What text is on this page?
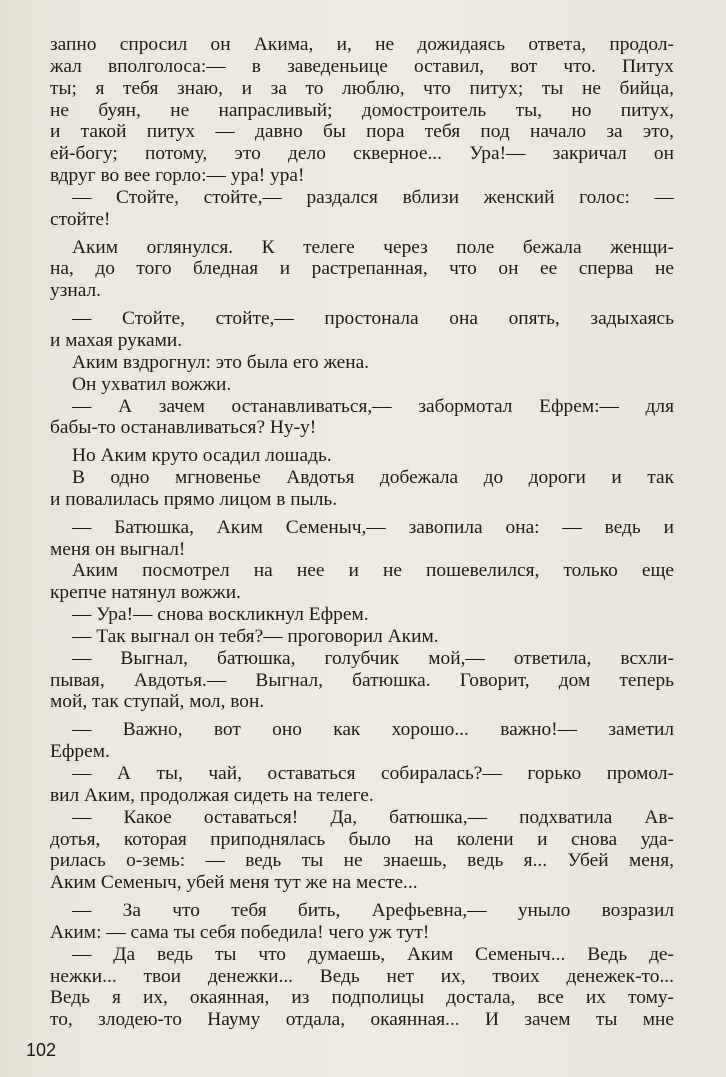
запно спросил он Акима, и, не дожидаясь ответа, продол-
жал вполголоса:— в заведеньице оставил, вот что. Питух
ты; я тебя знаю, и за то люблю, что питух; ты не бийца,
не буян, не напрасливый; домостроитель ты, но питух,
и такой питух — давно бы пора тебя под начало за это,
ей-богу; потому, это дело скверное... Ура!— закричал он
вдруг во вее горло:— ура! ура!

— Стойте, стойте,— раздался вблизи женский голос: —
стойте!

Аким оглянулся. К телеге через поле бежала женщи-
на, до того бледная и растрепанная, что он ее сперва не
узнал.

— Стойте, стойте,— простонала она опять, задыхаясь
и махая руками.

Аким вздрогнул: это была его жена.

Он ухватил вожжи.

— А зачем останавливаться,— забормотал Ефрем:— для
бабы-то останавливаться? Ну-у!

Но Аким круто осадил лошадь.

В одно мгновенье Авдотья добежала до дороги и так
и повалилась прямо лицом в пыль.

— Батюшка, Аким Семеныч,— завопила она: — ведь и
меня он выгнал!

Аким посмотрел на нее и не пошевелился, только еще
крепче натянул вожжи.

— Ура!— снова воскликнул Ефрем.

— Так выгнал он тебя?— проговорил Аким.

— Выгнал, батюшка, голубчик мой,— ответила, всхли-
пывая, Авдотья.— Выгнал, батюшка. Говорит, дом теперь
мой, так ступай, мол, вон.

— Важно, вот оно как хорошо... важно!— заметил
Ефрем.

— А ты, чай, оставаться собиралась?— горько промол-
вил Аким, продолжая сидеть на телеге.

— Какое оставаться! Да, батюшка,— подхватила Ав-
дотья, которая приподнялась было на колени и снова уда-
рилась о-земь: — ведь ты не знаешь, ведь я... Убей меня,
Аким Семеныч, убей меня тут же на месте...

— За что тебя бить, Арефьевна,— уныло возразил
Аким: — сама ты себя победила! чего уж тут!

— Да ведь ты что думаешь, Аким Семеныч... Ведь де-
нежки... твои денежки... Ведь нет их, твоих денежек-то...
Ведь я их, окаянная, из подполицы достала, все их тому-
то, злодею-то Науму отдала, окаянная... И зачем ты мне

102
